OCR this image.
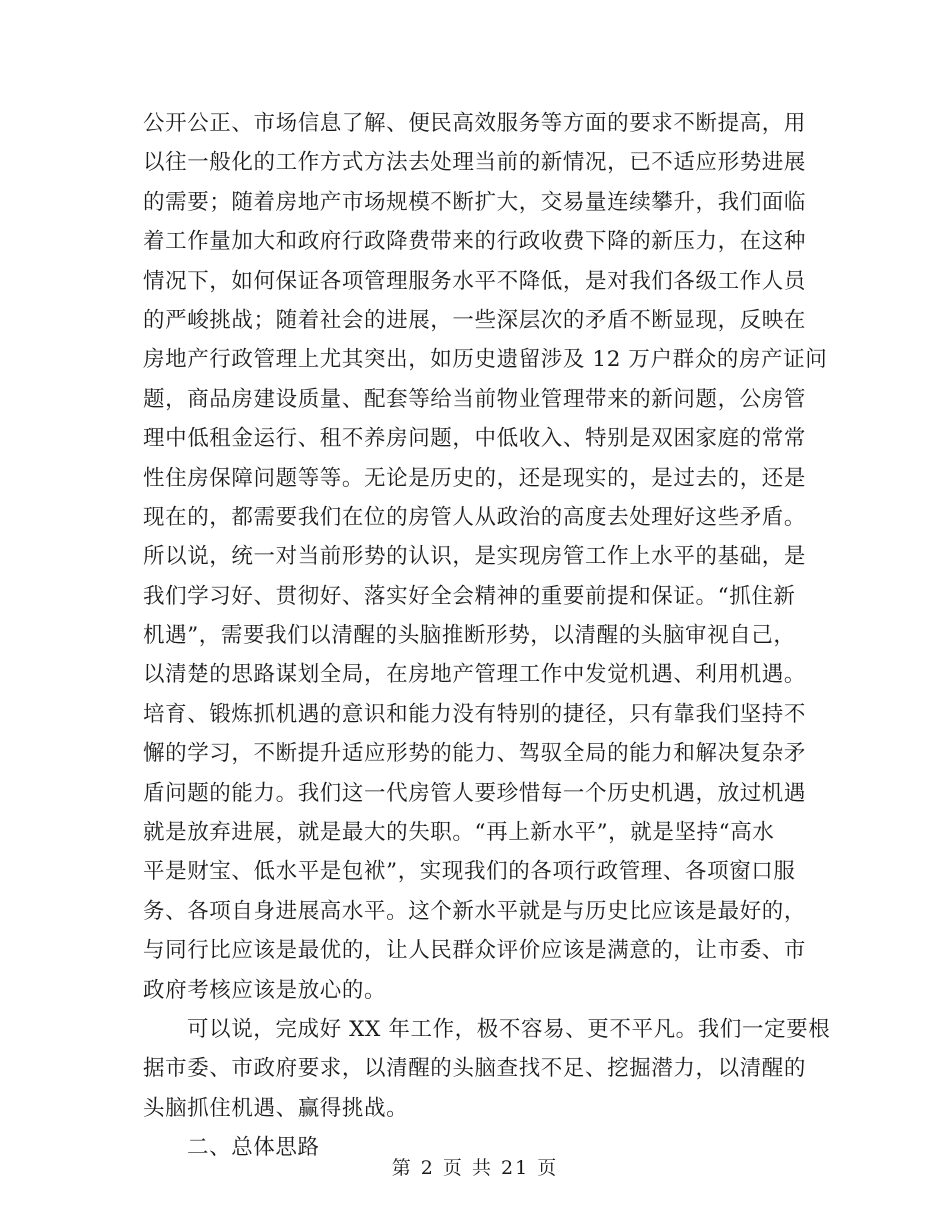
公开公正、市场信息了解、便民高效服务等方面的要求不断提高，用
以往一般化的工作方式方法去处理当前的新情况，已不适应形势进展
的需要；随着房地产市场规模不断扩大，交易量连续攀升，我们面临
着工作量加大和政府行政降费带来的行政收费下降的新压力，在这种
情况下，如何保证各项管理服务水平不降低，是对我们各级工作人员
的严峻挑战；随着社会的进展，一些深层次的矛盾不断显现，反映在
房地产行政管理上尤其突出，如历史遗留涉及 12 万户群众的房产证问
题，商品房建设质量、配套等给当前物业管理带来的新问题，公房管
理中低租金运行、租不养房问题，中低收入、特别是双困家庭的常常
性住房保障问题等等。无论是历史的，还是现实的，是过去的，还是
现在的，都需要我们在位的房管人从政治的高度去处理好这些矛盾。
所以说，统一对当前形势的认识，是实现房管工作上水平的基础，是
我们学习好、贯彻好、落实好全会精神的重要前提和保证。“抓住新
机遇”，需要我们以清醒的头脑推断形势，以清醒的头脑审视自己，
以清楚的思路谋划全局，在房地产管理工作中发觉机遇、利用机遇。
培育、锻炼抓机遇的意识和能力没有特别的捷径，只有靠我们坚持不
懈的学习，不断提升适应形势的能力、驾驭全局的能力和解决复杂矛
盾问题的能力。我们这一代房管人要珍惜每一个历史机遇，放过机遇
就是放弃进展，就是最大的失职。“再上新水平”，就是坚持“高水
平是财宝、低水平是包袱”，实现我们的各项行政管理、各项窗口服
务、各项自身进展高水平。这个新水平就是与历史比应该是最好的，
与同行比应该是最优的，让人民群众评价应该是满意的，让市委、市
政府考核应该是放心的。
可以说，完成好 XX 年工作，极不容易、更不平凡。我们一定要根
据市委、市政府要求，以清醒的头脑查找不足、挖掘潜力，以清醒的
头脑抓住机遇、赢得挑战。
二、总体思路
第 2 页 共 21 页
